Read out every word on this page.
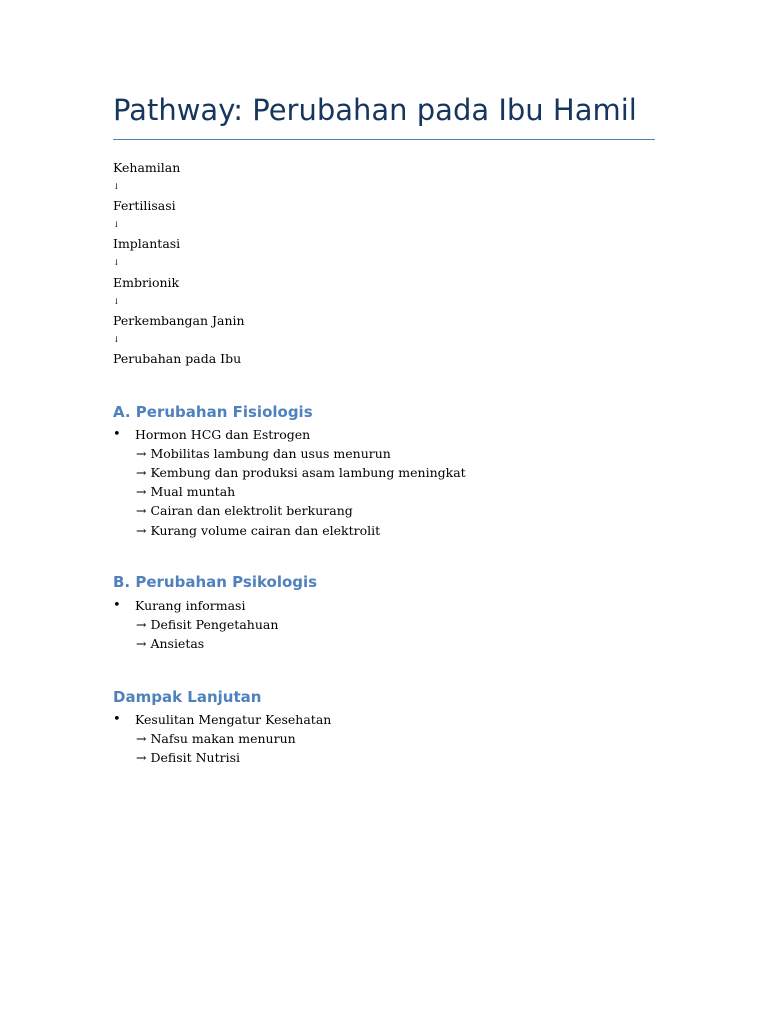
Pathway: Perubahan pada Ibu Hamil
Kehamilan
↓
Fertilisasi
↓
Implantasi
↓
Embrionik
↓
Perkembangan Janin
↓
Perubahan pada Ibu
A. Perubahan Fisiologis
• Hormon HCG dan Estrogen
→ Mobilitas lambung dan usus menurun
→ Kembung dan produksi asam lambung meningkat
→ Mual muntah
→ Cairan dan elektrolit berkurang
→ Kurang volume cairan dan elektrolit
B. Perubahan Psikologis
• Kurang informasi
→ Defisit Pengetahuan
→ Ansietas
Dampak Lanjutan
• Kesulitan Mengatur Kesehatan
→ Nafsu makan menurun
→ Defisit Nutrisi
